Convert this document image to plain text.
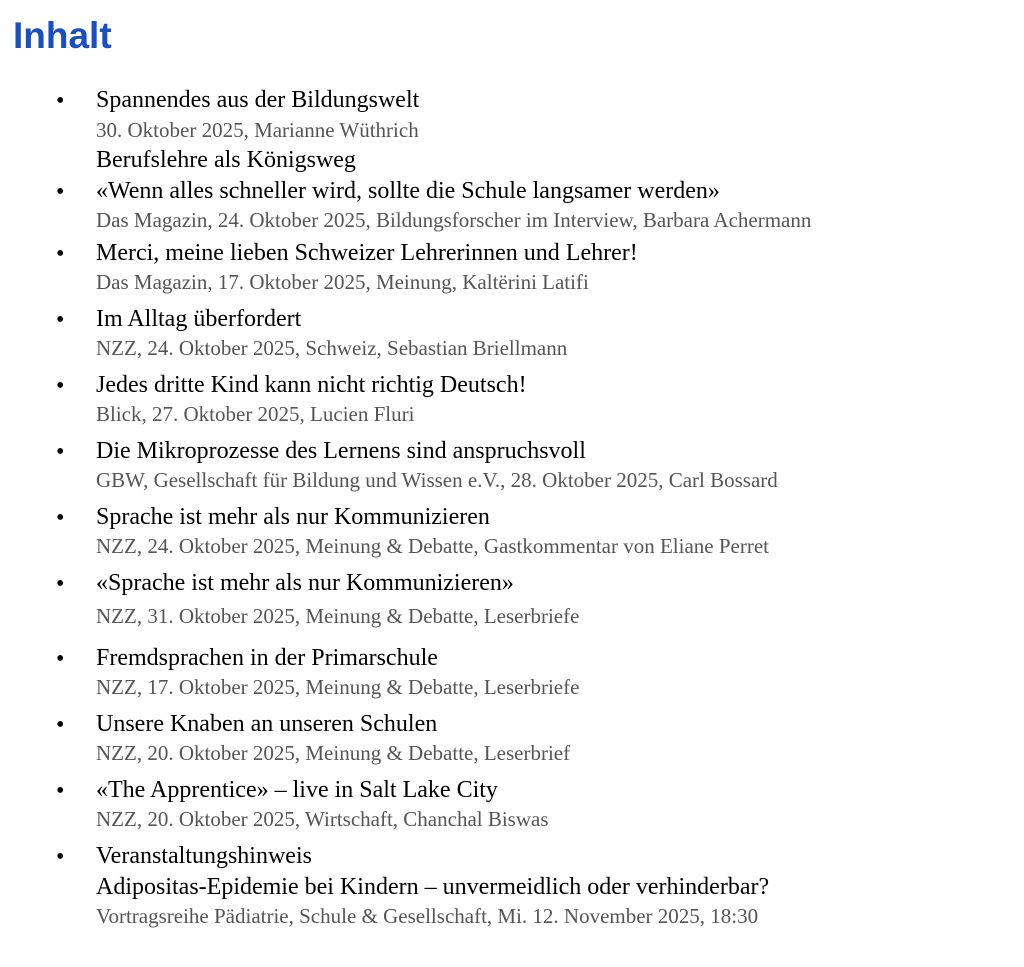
Inhalt
• Spannendes aus der Bildungswelt
30. Oktober 2025, Marianne Wüthrich
Berufslehre als Königsweg
• «Wenn alles schneller wird, sollte die Schule langsamer werden»
Das Magazin, 24. Oktober 2025, Bildungsforscher im Interview, Barbara Achermann
• Merci, meine lieben Schweizer Lehrerinnen und Lehrer!
Das Magazin, 17. Oktober 2025, Meinung, Kaltërini Latifi
• Im Alltag überfordert
NZZ, 24. Oktober 2025, Schweiz, Sebastian Briellmann
• Jedes dritte Kind kann nicht richtig Deutsch!
Blick, 27. Oktober 2025, Lucien Fluri
• Die Mikroprozesse des Lernens sind anspruchsvoll
GBW, Gesellschaft für Bildung und Wissen e.V., 28. Oktober 2025, Carl Bossard
• Sprache ist mehr als nur Kommunizieren
NZZ, 24. Oktober 2025, Meinung & Debatte, Gastkommentar von Eliane Perret
• «Sprache ist mehr als nur Kommunizieren»
NZZ, 31. Oktober 2025, Meinung & Debatte, Leserbriefe
• Fremdsprachen in der Primarschule
NZZ, 17. Oktober 2025, Meinung & Debatte, Leserbriefe
• Unsere Knaben an unseren Schulen
NZZ, 20. Oktober 2025, Meinung & Debatte, Leserbrief
• «The Apprentice» – live in Salt Lake City
NZZ, 20. Oktober 2025, Wirtschaft, Chanchal Biswas
• Veranstaltungshinweis
Adipositas-Epidemie bei Kindern – unvermeidlich oder verhinderbar?
Vortragsreihe Pädiatrie, Schule & Gesellschaft, Mi. 12. November 2025, 18:30
